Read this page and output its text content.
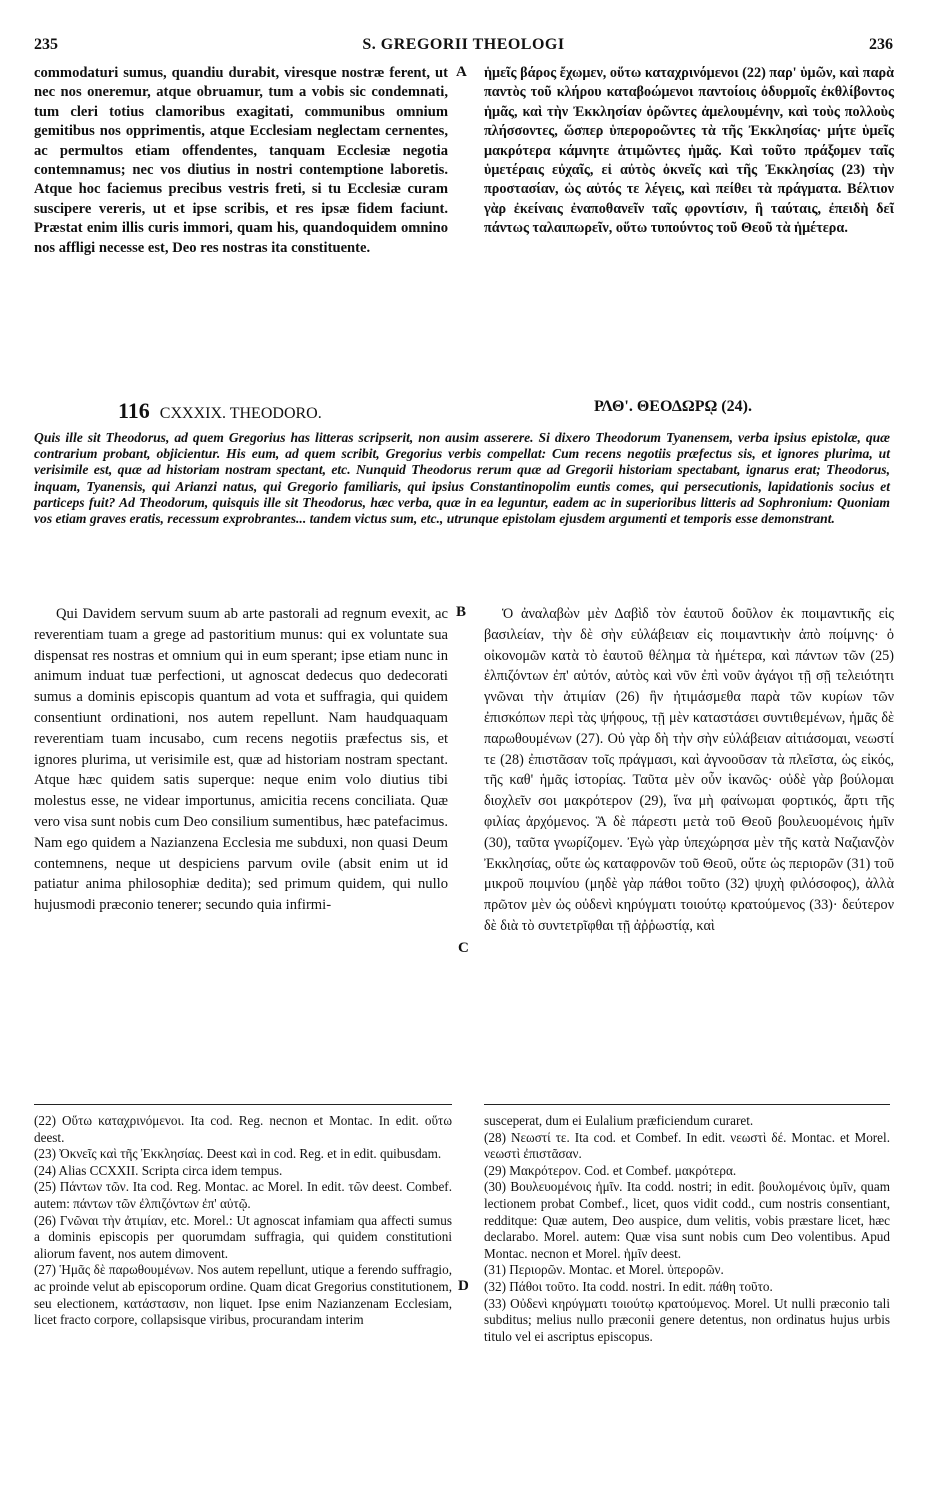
235	S. GREGORII THEOLOGI	236

commodaturi sumus, quandiu durabit, viresque nostræ ferent, ut nec nos oneremur, atque obruamur, tum a vobis sic condemnati, tum cleri totius clamoribus exagitati, communibus omnium gemitibus nos opprimentis, atque Ecclesiam neglectam cernentes, ac permultos etiam offendentes, tanquam Ecclesiæ negotia contemnamus; nec vos diutius in nostri contemptione laboretis. Atque hoc faciemus precibus vestris freti, si tu Ecclesiæ curam suscipere vereris, ut et ipse scribis, et res ipsæ fidem faciunt. Præstat enim illis curis immori, quam his, quandoquidem omnino nos affligi necesse est, Deo res nostras ita constituente.

A ἡμεῖς βάρος ἔχωμεν, οὕτω καταχρινόμενοι (22) παρ' ὑμῶν, καὶ παρὰ παντὸς τοῦ κλήρου καταβοώμενοι παντοίοις ὀδυρμοῖς ἐκθλίβοντος ἡμᾶς, καὶ τὴν Ἐκκλησίαν ὁρῶντες ἀμελουμένην, καὶ τοὺς πολλοὺς πλήσσοντες, ὥσπερ ὑπεροροῶντες τὰ τῆς Ἐκκλησίας· μήτε ὑμεῖς μακρότερα κάμνητε ἀτιμῶντες ἡμᾶς. Καὶ τοῦτο πράξομεν ταῖς ὑμετέραις εὐχαῖς, εἰ αὐτὸς ὀκνεῖς καὶ τῆς Ἐκκλησίας (23) τὴν προστασίαν, ὡς αὐτός τε λέγεις, καὶ πείθει τὰ πράγματα. Βέλτιον γὰρ ἐκείναις ἐναποθανεῖν ταῖς φροντίσιν, ἢ ταύταις, ἐπειδὴ δεῖ πάντως ταλαιπωρεῖν, οὕτω τυπούντος τοῦ Θεοῦ τὰ ἡμέτερα.

116 CXXXIX. THEODORO.	ΡΛΘ'. ΘΕΟΔΩΡῼ (24).
Quis ille sit Theodorus, ad quem Gregorius has litteras scripserit, non ausim asserere. Si dixero Theodorum Tyanensem, verba ipsius epistolæ, quæ contrarium probant, objicientur. His eum, ad quem scribit, Gregorius verbis compellat: Cum recens negotiis præfectus sis, et ignores plurima, ut verisimile est, quæ ad historiam nostram spectant, etc. Nunquid Theodorus rerum quæ ad Gregorii historiam spectabant, ignarus erat; Theodorus, inquam, Tyanensis, qui Arianzi natus, qui Gregorio familiaris, qui ipsius Constantinopolim euntis comes, qui persecutionis, lapidationis socius et particeps fuit? Ad Theodorum, quisquis ille sit Theodorus, hæc verba, quæ in ea leguntur, eadem ac in superioribus litteris ad Sophronium: Quoniam vos etiam graves eratis, recessum exprobrantes... tandem victus sum, etc., utrunque epistolam ejusdem argumenti et temporis esse demonstrant.

Qui Davidem servum suum ab arte pastorali ad regnum evexit, ac reverentiam tuam a grege ad pastoritium munus: qui ex voluntate sua dispensat res nostras et omnium qui in eum sperant; ipse etiam nunc in animum induat tuæ perfectioni, ut agnoscat dedecus quo dedecorati sumus a dominis episcopis quantum ad vota et suffragia, qui quidem consentiunt ordinationi, nos autem repellunt. Nam haudquaquam reverentiam tuam incusabo, cum recens negotiis præfectus sis, et ignores plurima, ut verisimile est, quæ ad historiam nostram spectant. Atque hæc quidem satis superque: neque enim volo diutius tibi molestus esse, ne videar importunus, amicitia recens conciliata. Quæ vero visa sunt nobis cum Deo consilium sumentibus, hæc patefacimus. Nam ego quidem a Nazianzena Ecclesia me subduxi, non quasi Deum contemnens, neque ut despiciens parvum ovile (absit enim ut id patiatur anima philosophiæ dedita); sed primum quidem, qui nullo hujusmodi præconio tenerer; secundo quia infirmi-

B
C

Ὁ ἀναλαβὼν μὲν Δαβὶδ τὸν ἑαυτοῦ δοῦλον ἐκ ποιμαντικῆς εἰς βασιλείαν, τὴν δὲ σὴν εὐλάβειαν εἰς ποιμαντικὴν ἀπὸ ποίμνης· ὁ οἰκονομῶν κατὰ τὸ ἑαυτοῦ θέλημα τὰ ἡμέτερα, καὶ πάντων τῶν (25) ἐλπιζόντων ἐπ' αὐτόν, αὐτὸς καὶ νῦν ἐπὶ νοῦν ἀγάγοι τῇ σῇ τελειότητι γνῶναι τὴν ἀτιμίαν (26) ἣν ἠτιμάσμεθα παρὰ τῶν κυρίων τῶν ἐπισκόπων περὶ τὰς ψήφους, τῇ μὲν καταστάσει συντιθεμένων, ἡμᾶς δὲ παρωθουμένων (27). Οὐ γὰρ δὴ τὴν σὴν εὐλάβειαν αἰτιάσομαι, νεωστί τε (28) ἐπιστᾶσαν τοῖς πράγμασι, καὶ ἀγνοοῦσαν τὰ πλεῖστα, ὡς εἰκός, τῆς καθ' ἡμᾶς ἱστορίας. Ταῦτα μὲν οὖν ἱκανῶς· οὐδὲ γὰρ βούλομαι διοχλεῖν σοι μακρότερον (29), ἵνα μὴ φαίνωμαι φορτικός, ἄρτι τῆς φιλίας ἀρχόμενος. Ἃ δὲ πάρεστι μετὰ τοῦ Θεοῦ βουλευομένοις ἡμῖν (30), ταῦτα γνωρίζομεν. Ἐγὼ γὰρ ὑπεχώρησα μὲν τῆς κατὰ Ναζιανζὸν Ἐκκλησίας, οὔτε ὡς καταφρονῶν τοῦ Θεοῦ, οὔτε ὡς περιορῶν (31) τοῦ μικροῦ ποιμνίου (μηδὲ γὰρ πάθοι τοῦτο (32) ψυχὴ φιλόσοφος), ἀλλὰ πρῶτον μὲν ὡς οὐδενὶ κηρύγματι τοιούτῳ κρατούμενος (33)· δεύτερον δὲ διὰ τὸ συντετρῖφθαι τῇ ἀῤῥωστίᾳ, καὶ

(22) Οὕτω καταχρινόμενοι. Ita cod. Reg. necnon et Montac. In edit. οὕτω deest.

(23) Ὀκνεῖς καὶ τῆς Ἐκκλησίας. Deest καὶ in cod. Reg. et in edit. quibusdam.

(24) Alias CCXXII. Scripta circa idem tempus.

(25) Πάντων τῶν. Ita cod. Reg. Montac. ac Morel. In edit. τῶν deest. Combef. autem: πάντων τῶν ἐλπιζόντων ἐπ' αὐτῷ.

(26) Γνῶναι τὴν ἀτιμίαν, etc. Morel.: Ut agnoscat infamiam qua affecti sumus a dominis episcopis per quorumdam suffragia, qui quidem constitutioni aliorum favent, nos autem dimovent.

(27) Ἡμᾶς δὲ παρωθουμένων. Nos autem repellunt, utique a ferendo suffragio, ac proinde velut ab episcoporum ordine. Quam dicat Gregorius constitutionem, seu electionem, κατάστασιν, non liquet. Ipse enim Nazianzenam Ecclesiam, licet fracto corpore, collapsisque viribus, procurandam interim

D

susceperat, dum ei Eulalium præficiendum curaret.

(28) Νεωστί τε. Ita cod. et Combef. In edit. νεωστὶ δέ. Montac. et Morel. νεωστὶ ἐπιστᾶσαν.

(29) Μακρότερον. Cod. et Combef. μακρότερα.

(30) Βουλευομένοις ἡμῖν. Ita codd. nostri; in edit. βουλομένοις ὑμῖν, quam lectionem probat Combef., licet, quos vidit codd., cum nostris consentiant, redditque: Quæ autem, Deo auspice, dum velitis, vobis præstare licet, hæc declarabo. Morel. autem: Quæ visa sunt nobis cum Deo volentibus. Apud Montac. necnon et Morel. ἡμῖν deest.

(31) Περιορῶν. Montac. et Morel. ὑπερορῶν.

(32) Πάθοι τοῦτο. Ita codd. nostri. In edit. πάθη τοῦτο.

(33) Οὐδενὶ κηρύγματι τοιούτῳ κρατούμενος. Morel. Ut nulli præconio tali subditus; melius nullo præconii genere detentus, non ordinatus hujus urbis titulo vel ei ascriptus episcopus.
